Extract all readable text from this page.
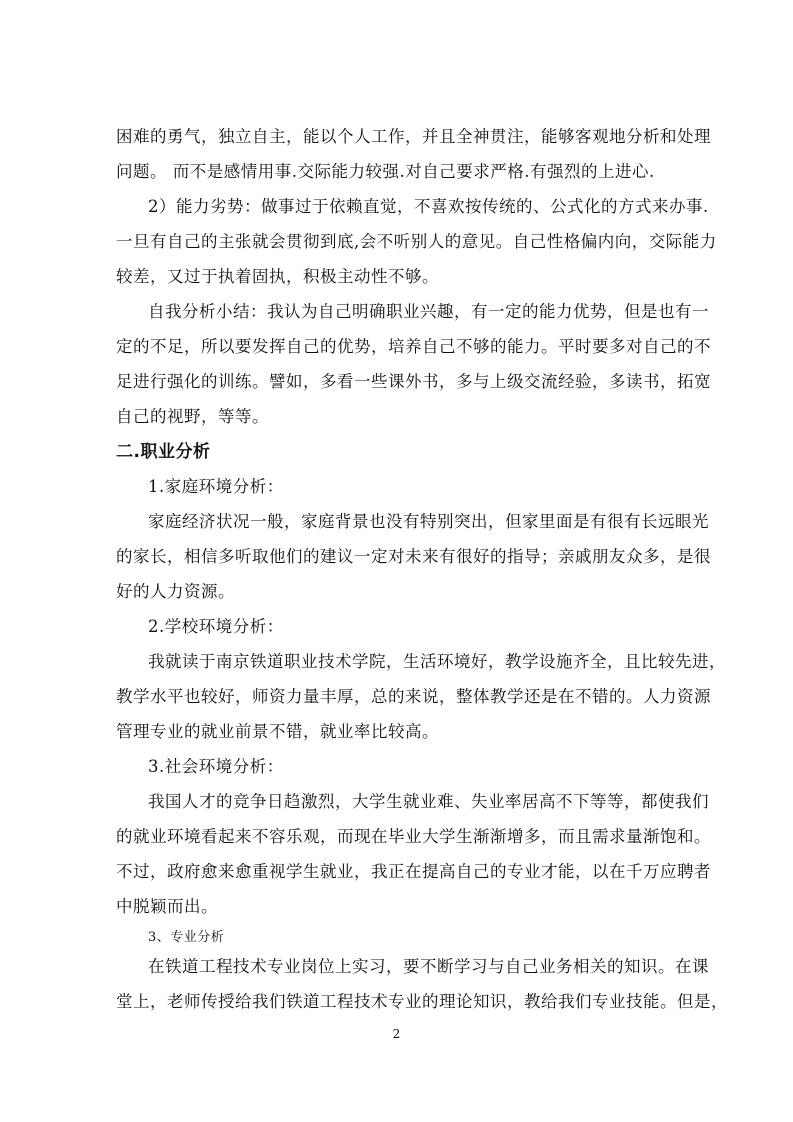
困难的勇气，独立自主，能以个人工作，并且全神贯注，能够客观地分析和处理
问题。 而不是感情用事.交际能力较强.对自己要求严格.有强烈的上进心.
2）能力劣势：做事过于依赖直觉，不喜欢按传统的、公式化的方式来办事.
一旦有自己的主张就会贯彻到底,会不听别人的意见。自己性格偏内向，交际能力
较差，又过于执着固执，积极主动性不够。
自我分析小结：我认为自己明确职业兴趣，有一定的能力优势，但是也有一
定的不足，所以要发挥自己的优势，培养自己不够的能力。平时要多对自己的不
足进行强化的训练。譬如，多看一些课外书，多与上级交流经验，多读书，拓宽
自己的视野，等等。
二.职业分析
1.家庭环境分析：
家庭经济状况一般，家庭背景也没有特别突出，但家里面是有很有长远眼光
的家长，相信多听取他们的建议一定对未来有很好的指导；亲戚朋友众多，是很
好的人力资源。
2.学校环境分析：
我就读于南京铁道职业技术学院，生活环境好，教学设施齐全，且比较先进，
教学水平也较好，师资力量丰厚，总的来说，整体教学还是在不错的。人力资源
管理专业的就业前景不错，就业率比较高。
3.社会环境分析：
我国人才的竞争日趋激烈，大学生就业难、失业率居高不下等等，都使我们
的就业环境看起来不容乐观，而现在毕业大学生渐渐增多，而且需求量渐饱和。
不过，政府愈来愈重视学生就业，我正在提高自己的专业才能，以在千万应聘者
中脱颖而出。
3、专业分析
在铁道工程技术专业岗位上实习，要不断学习与自己业务相关的知识。在课
堂上，老师传授给我们铁道工程技术专业的理论知识，教给我们专业技能。但是，
2
